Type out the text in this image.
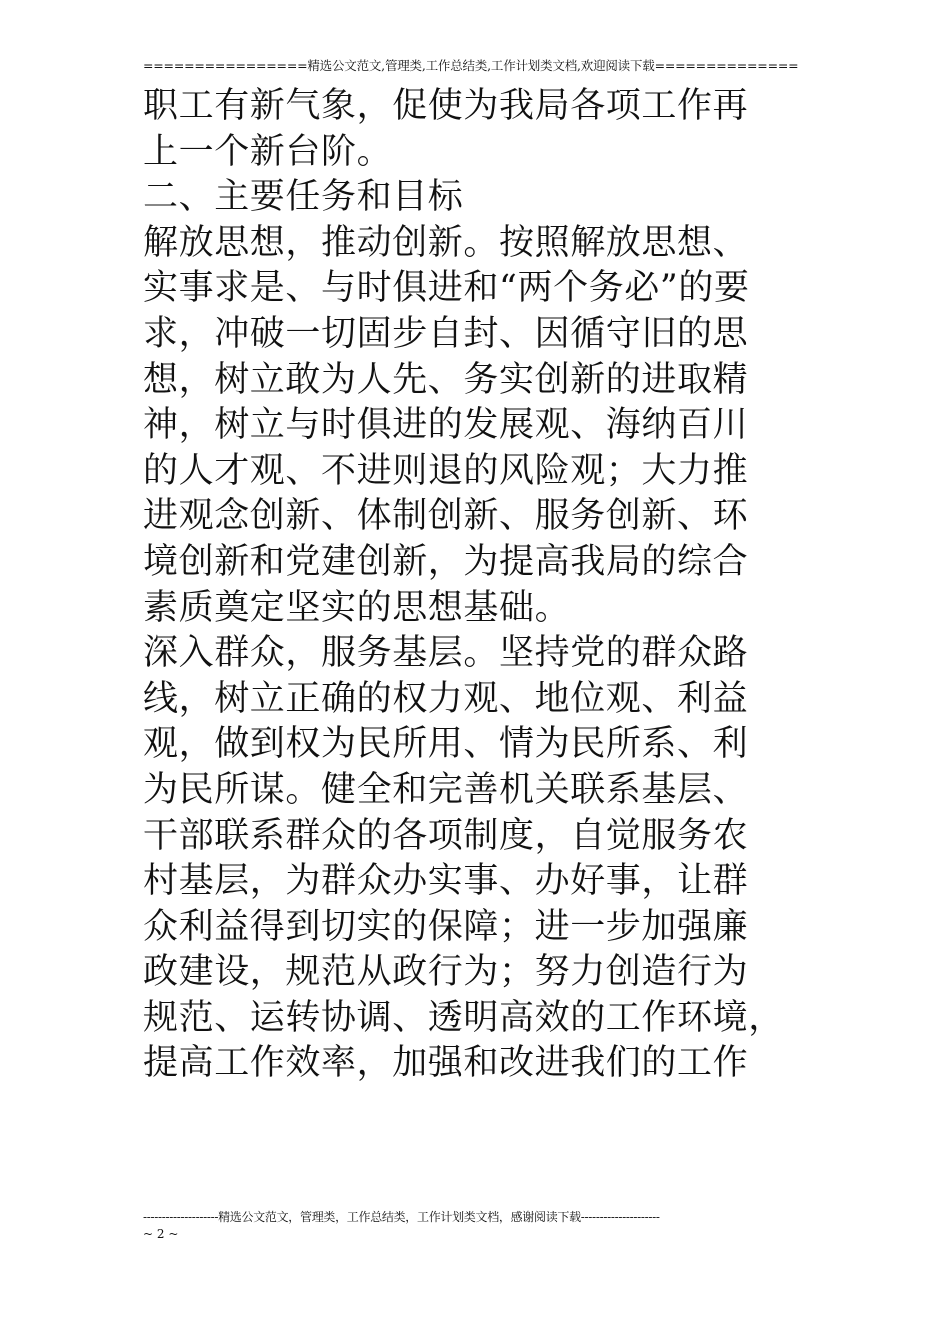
================精选公文范文,管理类,工作总结类,工作计划类文档,欢迎阅读下载==============
职工有新气象，促使为我局各项工作再
上一个新台阶。
二、主要任务和目标
解放思想，推动创新。按照解放思想、
实事求是、与时俱进和“两个务必”的要
求，冲破一切固步自封、因循守旧的思
想，树立敢为人先、务实创新的进取精
神，树立与时俱进的发展观、海纳百川
的人才观、不进则退的风险观；大力推
进观念创新、体制创新、服务创新、环
境创新和党建创新，为提高我局的综合
素质奠定坚实的思想基础。
深入群众，服务基层。坚持党的群众路
线，树立正确的权力观、地位观、利益
观，做到权为民所用、情为民所系、利
为民所谋。健全和完善机关联系基层、
干部联系群众的各项制度，自觉服务农
村基层，为群众办实事、办好事，让群
众利益得到切实的保障；进一步加强廉
政建设，规范从政行为；努力创造行为
规范、运转协调、透明高效的工作环境，
提高工作效率，加强和改进我们的工作
--------------------精选公文范文，管理类，工作总结类，工作计划类文档，感谢阅读下载---------------------
~ 2 ~
